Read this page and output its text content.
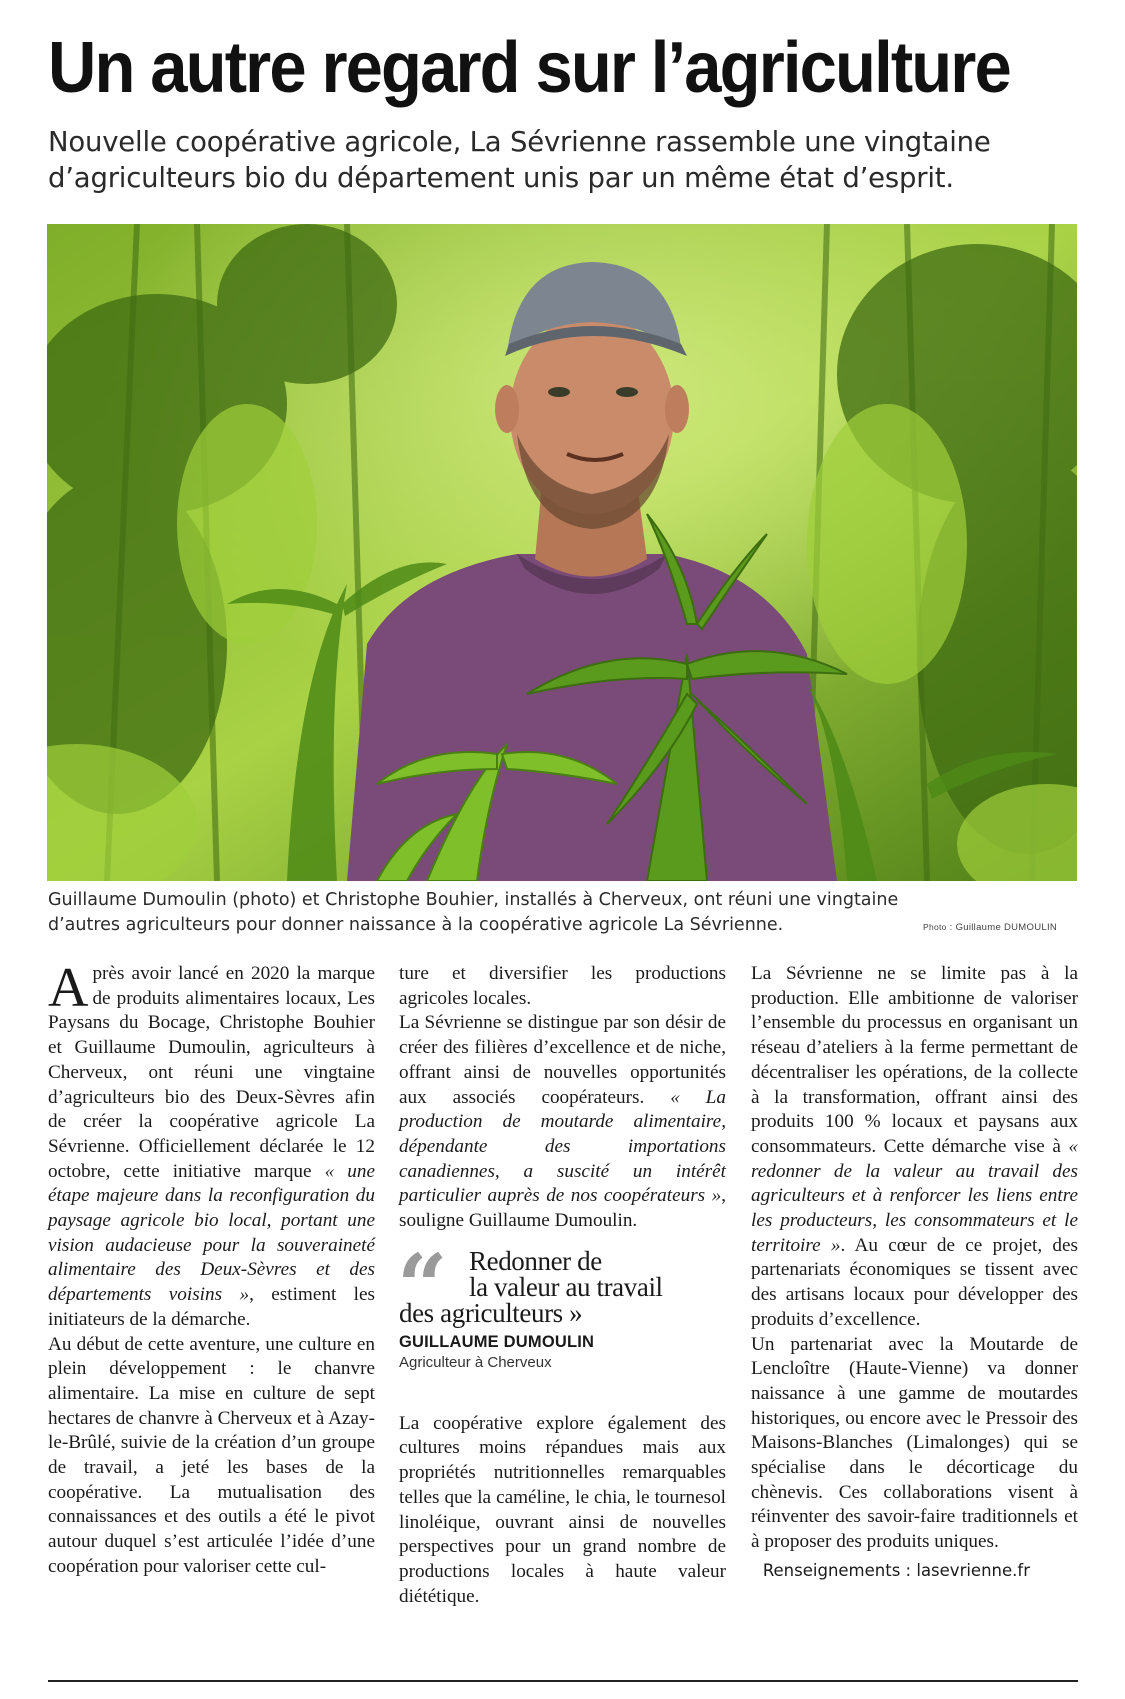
Un autre regard sur l’agriculture
Nouvelle coopérative agricole, La Sévrienne rassemble une vingtaine d’agriculteurs bio du département unis par un même état d’esprit.
Guillaume Dumoulin (photo) et Christophe Bouhier, installés à Cherveux, ont réuni une vingtaine d’autres agriculteurs pour donner naissance à la coopérative agricole La Sévrienne.	Photo : Guillaume DUMOULIN

Après avoir lancé en 2020 la marque de produits alimentaires locaux, Les Paysans du Bocage, Christophe Bouhier et Guillaume Dumoulin, agriculteurs à Cherveux, ont réuni une vingtaine d’agriculteurs bio des Deux-Sèvres afin de créer la coopérative agricole La Sévrienne. Officiellement déclarée le 12 octobre, cette initiative marque « une étape majeure dans la reconfiguration du paysage agricole bio local, portant une vision audacieuse pour la souveraineté alimentaire des Deux-Sèvres et des départements voisins », estiment les initiateurs de la démarche.

Au début de cette aventure, une culture en plein développement : le chanvre alimentaire. La mise en culture de sept hectares de chanvre à Cherveux et à Azay-le-Brûlé, suivie de la création d’un groupe de travail, a jeté les bases de la coopérative. La mutualisation des connaissances et des outils a été le pivot autour duquel s’est articulée l’idée d’une coopération pour valoriser cette cul-

ture et diversifier les productions agricoles locales.

La Sévrienne se distingue par son désir de créer des filières d’excellence et de niche, offrant ainsi de nouvelles opportunités aux associés coopérateurs. « La production de moutarde alimentaire, dépendante des importations canadiennes, a suscité un intérêt particulier auprès de nos coopérateurs », souligne Guillaume Dumoulin.

“ Redonner de
la valeur au travail
des agriculteurs »
GUILLAUME DUMOULIN
Agriculteur à Cherveux

La coopérative explore également des cultures moins répandues mais aux propriétés nutritionnelles remarquables telles que la caméline, le chia, le tournesol linoléique, ouvrant ainsi de nouvelles perspectives pour un grand nombre de productions locales à haute valeur diététique.

La Sévrienne ne se limite pas à la production. Elle ambitionne de valoriser l’ensemble du processus en organisant un réseau d’ateliers à la ferme permettant de décentraliser les opérations, de la collecte à la transformation, offrant ainsi des produits 100 % locaux et paysans aux consommateurs. Cette démarche vise à « redonner de la valeur au travail des agriculteurs et à renforcer les liens entre les producteurs, les consommateurs et le territoire ». Au cœur de ce projet, des partenariats économiques se tissent avec des artisans locaux pour développer des produits d’excellence.

Un partenariat avec la Moutarde de Lencloître (Haute-Vienne) va donner naissance à une gamme de moutardes historiques, ou encore avec le Pressoir des Maisons-Blanches (Limalonges) qui se spécialise dans le décorticage du chènevis. Ces collaborations visent à réinventer des savoir-faire traditionnels et à proposer des produits uniques.

Renseignements : lasevrienne.fr
